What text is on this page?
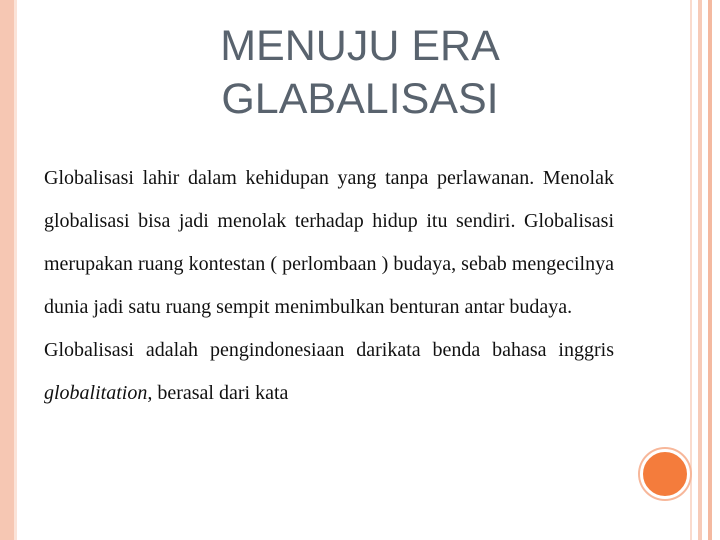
MENUJU ERA
GLABALISASI

Globalisasi lahir dalam kehidupan yang tanpa perlawanan. Menolak globalisasi bisa jadi menolak terhadap hidup itu sendiri. Globalisasi merupakan ruang kontestan ( perlombaan ) budaya, sebab mengecilnya dunia jadi satu ruang sempit menimbulkan benturan antar budaya.

Globalisasi adalah pengindonesiaan darikata benda bahasa inggris globalitation, berasal dari kata
